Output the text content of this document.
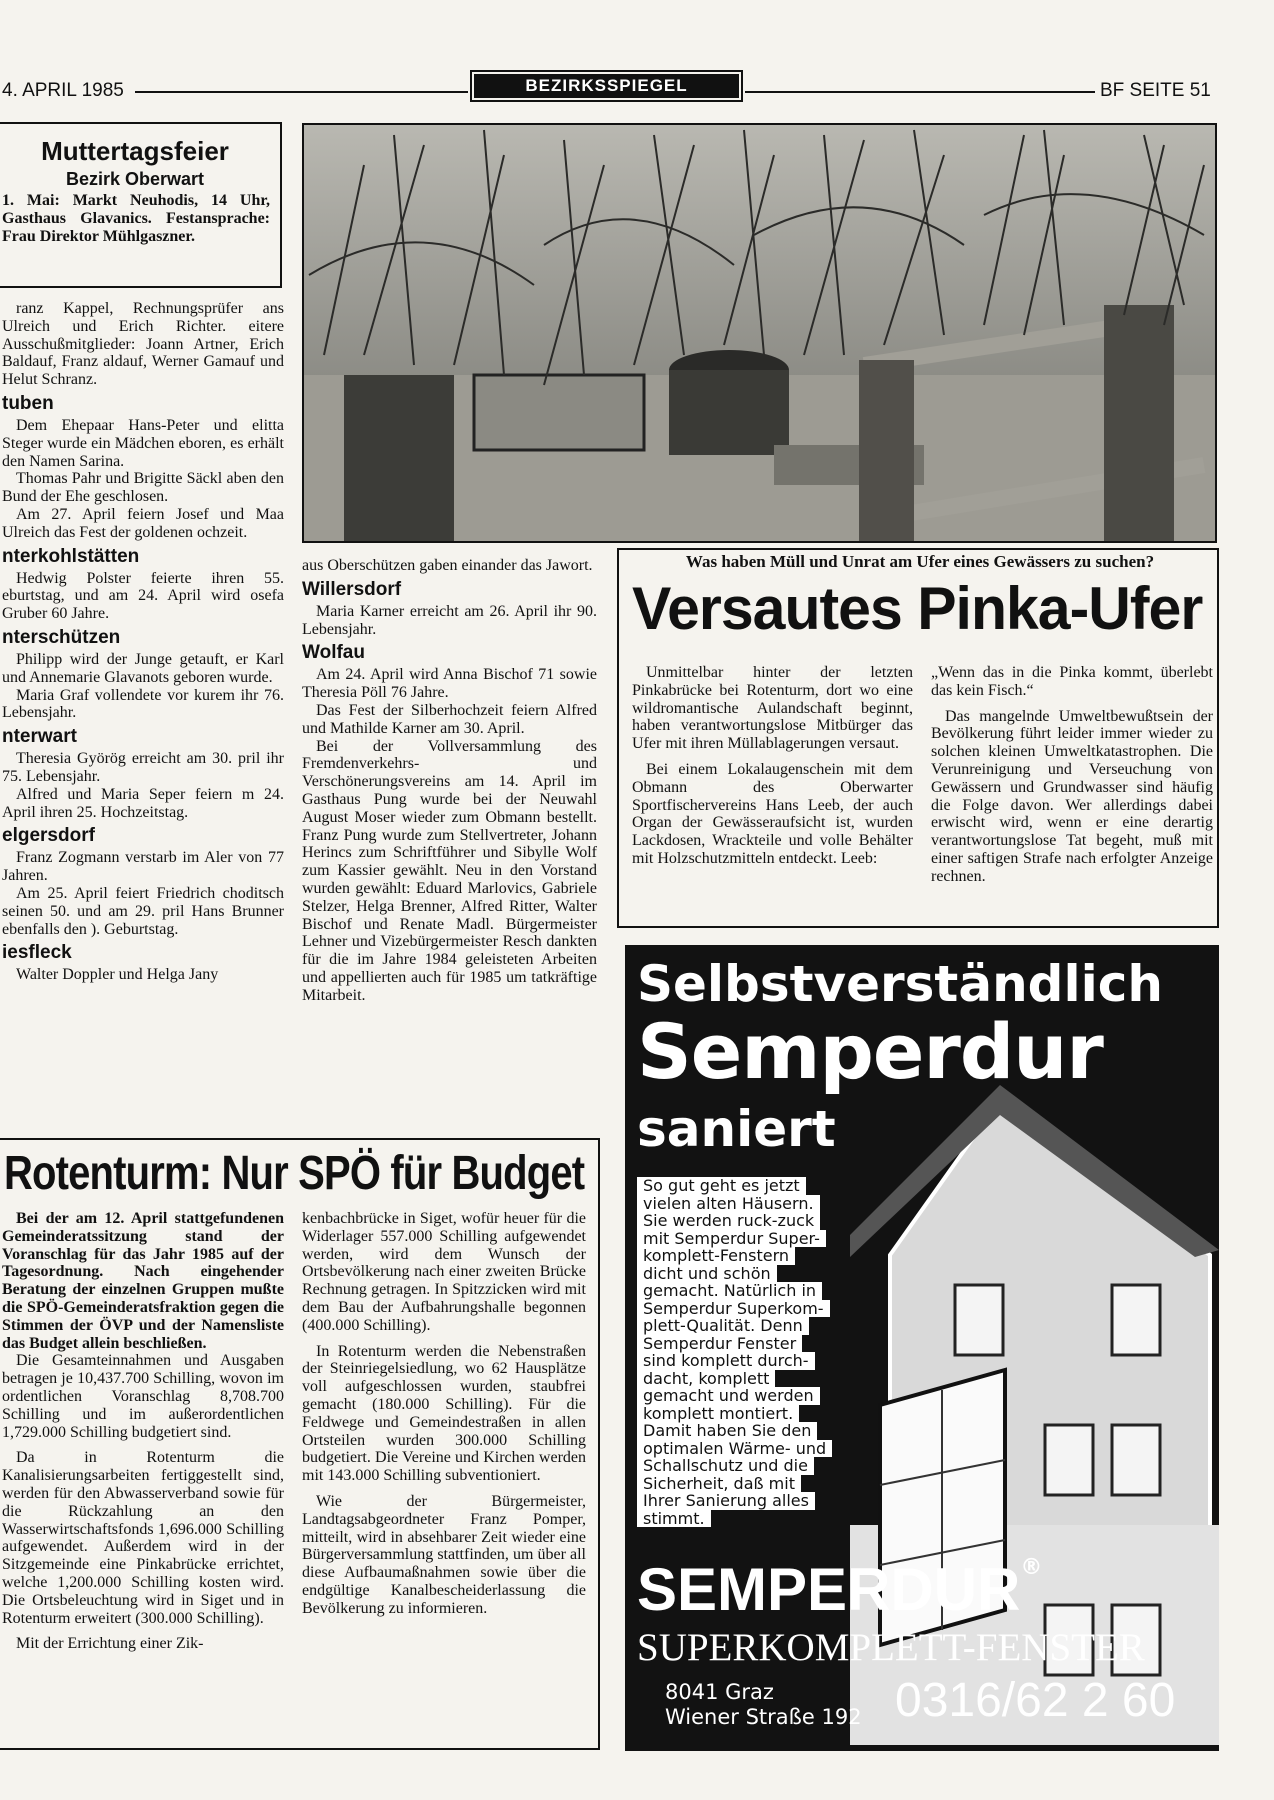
4. APRIL 1985	BEZIRKSSPIEGEL	BF SEITE 51
Muttertagsfeier
Bezirk Oberwart
1. Mai: Markt Neuhodis, 14 Uhr, Gasthaus Glavanics. Festansprache: Frau Direktor Mühlgaszner.

ranz Kappel, Rechnungsprüfer ans Ulreich und Erich Richter. eitere Ausschußmitglieder: Joann Artner, Erich Baldauf, Franz aldauf, Werner Gamauf und Helut Schranz.

tuben

Dem Ehepaar Hans-Peter und elitta Steger wurde ein Mädchen eboren, es erhält den Namen Sarina.

Thomas Pahr und Brigitte Säckl aben den Bund der Ehe geschlosen.

Am 27. April feiern Josef und Maa Ulreich das Fest der goldenen ochzeit.

nterkohlstätten

Hedwig Polster feierte ihren 55. eburtstag, und am 24. April wird osefa Gruber 60 Jahre.

nterschützen

Philipp wird der Junge getauft, er Karl und Annemarie Glavanots geboren wurde.

Maria Graf vollendete vor kurem ihr 76. Lebensjahr.

nterwart

Theresia Györög erreicht am 30. pril ihr 75. Lebensjahr.

Alfred und Maria Seper feiern m 24. April ihren 25. Hochzeitstag.

elgersdorf

Franz Zogmann verstarb im Aler von 77 Jahren.

Am 25. April feiert Friedrich choditsch seinen 50. und am 29. pril Hans Brunner ebenfalls den ). Geburtstag.

iesfleck

Walter Doppler und Helga Jany

aus Oberschützen gaben einander das Jawort.

Willersdorf

Maria Karner erreicht am 26. April ihr 90. Lebensjahr.

Wolfau

Am 24. April wird Anna Bischof 71 sowie Theresia Pöll 76 Jahre.

Das Fest der Silberhochzeit feiern Alfred und Mathilde Karner am 30. April.

Bei der Vollversammlung des Fremdenverkehrs- und Verschönerungsvereins am 14. April im Gasthaus Pung wurde bei der Neuwahl August Moser wieder zum Obmann bestellt. Franz Pung wurde zum Stellvertreter, Johann Herincs zum Schriftführer und Sibylle Wolf zum Kassier gewählt. Neu in den Vorstand wurden gewählt: Eduard Marlovics, Gabriele Stelzer, Helga Brenner, Alfred Ritter, Walter Bischof und Renate Madl. Bürgermeister Lehner und Vizebürgermeister Resch dankten für die im Jahre 1984 geleisteten Arbeiten und appellierten auch für 1985 um tatkräftige Mitarbeit.

Was haben Müll und Unrat am Ufer eines Gewässers zu suchen?
Versautes Pinka-Ufer

Unmittelbar hinter der letzten Pinkabrücke bei Rotenturm, dort wo eine wildromantische Aulandschaft beginnt, haben verantwortungslose Mitbürger das Ufer mit ihren Müllablagerungen versaut.

Bei einem Lokalaugenschein mit dem Obmann des Oberwarter Sportfischervereins Hans Leeb, der auch Organ der Gewässeraufsicht ist, wurden Lackdosen, Wrackteile und volle Behälter mit Holzschutzmitteln entdeckt. Leeb:

„Wenn das in die Pinka kommt, überlebt das kein Fisch.“

Das mangelnde Umweltbewußtsein der Bevölkerung führt leider immer wieder zu solchen kleinen Umweltkatastrophen. Die Verunreinigung und Verseuchung von Gewässern und Grundwasser sind häufig die Folge davon. Wer allerdings dabei erwischt wird, wenn er eine derartig verantwortungslose Tat begeht, muß mit einer saftigen Strafe nach erfolgter Anzeige rechnen.

Rotenturm: Nur SPÖ für Budget

Bei der am 12. April stattgefundenen Gemeinderatssitzung stand der Voranschlag für das Jahr 1985 auf der Tagesordnung. Nach eingehender Beratung der einzelnen Gruppen mußte die SPÖ-Gemeinderatsfraktion gegen die Stimmen der ÖVP und der Namensliste das Budget allein beschließen.

Die Gesamteinnahmen und Ausgaben betragen je 10,437.700 Schilling, wovon im ordentlichen Voranschlag 8,708.700 Schilling und im außerordentlichen 1,729.000 Schilling budgetiert sind.

Da in Rotenturm die Kanalisierungsarbeiten fertiggestellt sind, werden für den Abwasserverband sowie für die Rückzahlung an den Wasserwirtschaftsfonds 1,696.000 Schilling aufgewendet. Außerdem wird in der Sitzgemeinde eine Pinkabrücke errichtet, welche 1,200.000 Schilling kosten wird. Die Ortsbeleuchtung wird in Siget und in Rotenturm erweitert (300.000 Schilling).

Mit der Errichtung einer Zik-

kenbachbrücke in Siget, wofür heuer für die Widerlager 557.000 Schilling aufgewendet werden, wird dem Wunsch der Ortsbevölkerung nach einer zweiten Brücke Rechnung getragen. In Spitzzicken wird mit dem Bau der Aufbahrungshalle begonnen (400.000 Schilling).

In Rotenturm werden die Nebenstraßen der Steinriegelsiedlung, wo 62 Hausplätze voll aufgeschlossen wurden, staubfrei gemacht (180.000 Schilling). Für die Feldwege und Gemeindestraßen in allen Ortsteilen wurden 300.000 Schilling budgetiert. Die Vereine und Kirchen werden mit 143.000 Schilling subventioniert.

Wie der Bürgermeister, Landtagsabgeordneter Franz Pomper, mitteilt, wird in absehbarer Zeit wieder eine Bürgerversammlung stattfinden, um über all diese Aufbaumaßnahmen sowie über die endgültige Kanalbescheiderlassung die Bevölkerung zu informieren.

Selbstverständlich
Semperdur
saniert
So gut geht es jetzt
vielen alten Häusern.
Sie werden ruck-zuck
mit Semperdur Super-
komplett-Fenstern
dicht und schön
gemacht. Natürlich in
Semperdur Superkom-
plett-Qualität. Denn
Semperdur Fenster
sind komplett durch-
dacht, komplett
gemacht und werden
komplett montiert.
Damit haben Sie den
optimalen Wärme- und
Schallschutz und die
Sicherheit, daß mit
Ihrer Sanierung alles
stimmt.
SEMPERDUR®
SUPERKOMPLETT-FENSTER
8041 Graz
Wiener Straße 192 0316/62 2 60
